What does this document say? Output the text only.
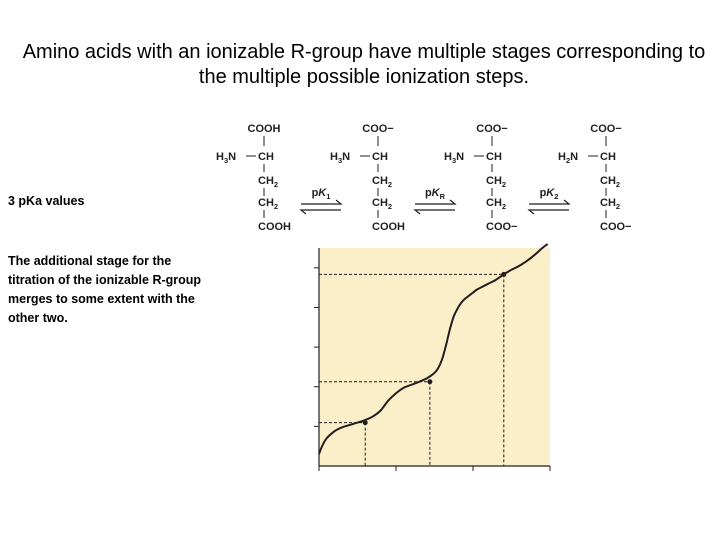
Amino acids with an ionizable R-group have multiple stages corresponding to the multiple possible ionization steps.
3 pKa values
The additional stage for the titration of the ionizable R-group merges to some extent with the other two.
COOH
$H_3N$ CH
$CH_2$
$CH_2$
COOH
COO−
$H_3N$ CH
$CH_2$
$CH_2$
COOH
COO−
$H_3N$ CH
$CH_2$
$CH_2$
COO−
COO−
$H_2N$ CH
$CH_2$
$CH_2$
COO−
$pK_1$	$pK_R$	$pK_2$
